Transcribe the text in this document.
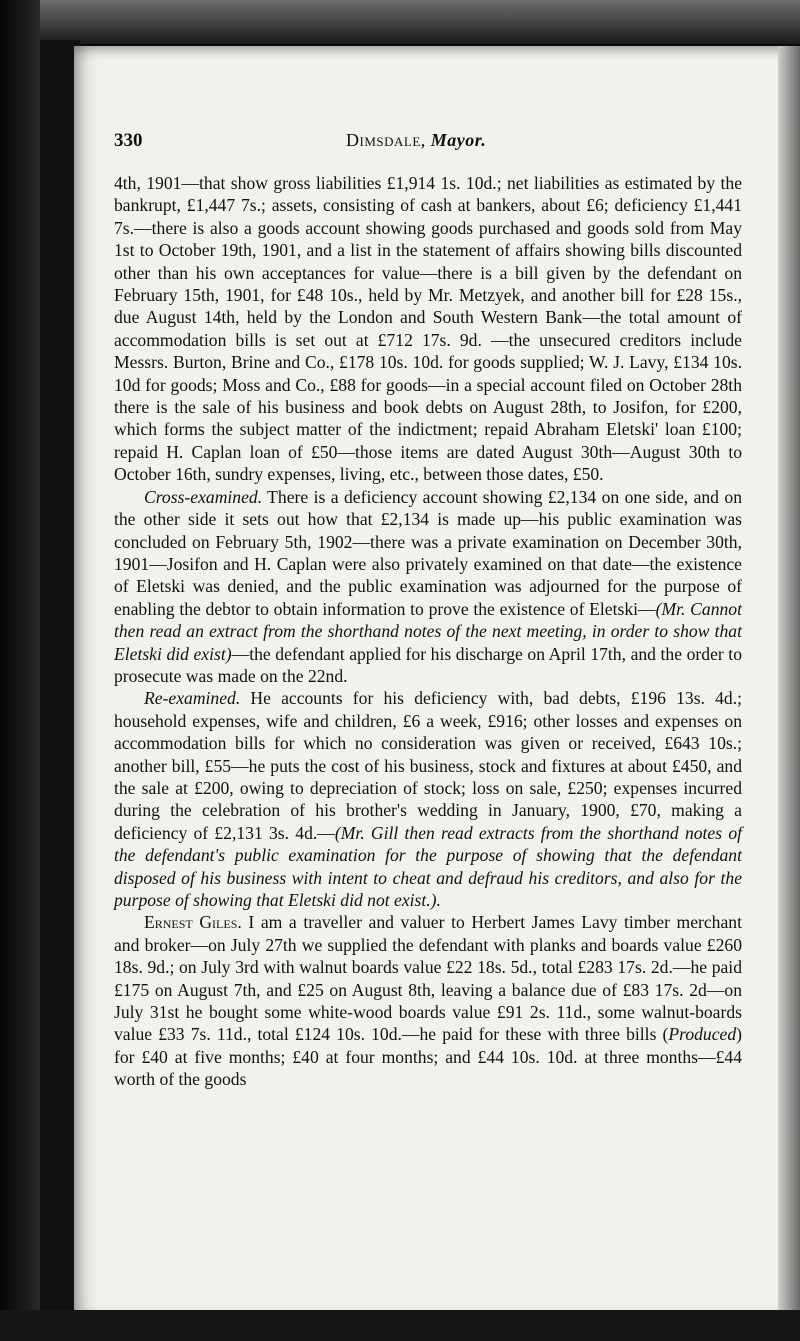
330	Dimsdale, Mayor.

4th, 1901—that show gross liabilities £1,914 1s. 10d.; net liabilities as estimated by the bankrupt, £1,447 7s.; assets, consisting of cash at bankers, about £6; deficiency £1,441 7s.—there is also a goods account showing goods purchased and goods sold from May 1st to October 19th, 1901, and a list in the statement of affairs showing bills discounted other than his own acceptances for value—there is a bill given by the defendant on February 15th, 1901, for £48 10s., held by Mr. Metzyek, and another bill for £28 15s., due August 14th, held by the London and South Western Bank—the total amount of accommodation bills is set out at £712 17s. 9d. —the unsecured creditors include Messrs. Burton, Brine and Co., £178 10s. 10d. for goods supplied; W. J. Lavy, £134 10s. 10d for goods; Moss and Co., £88 for goods—in a special account filed on October 28th there is the sale of his business and book debts on August 28th, to Josifon, for £200, which forms the subject matter of the indictment; repaid Abraham Eletski' loan £100; repaid H. Caplan loan of £50—those items are dated August 30th—August 30th to October 16th, sundry expenses, living, etc., between those dates, £50.

Cross-examined. There is a deficiency account showing £2,134 on one side, and on the other side it sets out how that £2,134 is made up—his public examination was concluded on February 5th, 1902—there was a private examination on December 30th, 1901—Josifon and H. Caplan were also privately examined on that date—the existence of Eletski was denied, and the public examination was adjourned for the purpose of enabling the debtor to obtain information to prove the existence of Eletski—(Mr. Cannot then read an extract from the shorthand notes of the next meeting, in order to show that Eletski did exist)—the defendant applied for his discharge on April 17th, and the order to prosecute was made on the 22nd.

Re-examined. He accounts for his deficiency with, bad debts, £196 13s. 4d.; household expenses, wife and children, £6 a week, £916; other losses and expenses on accommodation bills for which no consideration was given or received, £643 10s.; another bill, £55—he puts the cost of his business, stock and fixtures at about £450, and the sale at £200, owing to depreciation of stock; loss on sale, £250; expenses incurred during the celebration of his brother's wedding in January, 1900, £70, making a deficiency of £2,131 3s. 4d.—(Mr. Gill then read extracts from the shorthand notes of the defendant's public examination for the purpose of showing that the defendant disposed of his business with intent to cheat and defraud his creditors, and also for the purpose of showing that Eletski did not exist.).

Ernest Giles. I am a traveller and valuer to Herbert James Lavy timber merchant and broker—on July 27th we supplied the defendant with planks and boards value £260 18s. 9d.; on July 3rd with walnut boards value £22 18s. 5d., total £283 17s. 2d.—he paid £175 on August 7th, and £25 on August 8th, leaving a balance due of £83 17s. 2d—on July 31st he bought some white-wood boards value £91 2s. 11d., some walnut-boards value £33 7s. 11d., total £124 10s. 10d.—he paid for these with three bills (Produced) for £40 at five months; £40 at four months; and £44 10s. 10d. at three months—£44 worth of the goods
